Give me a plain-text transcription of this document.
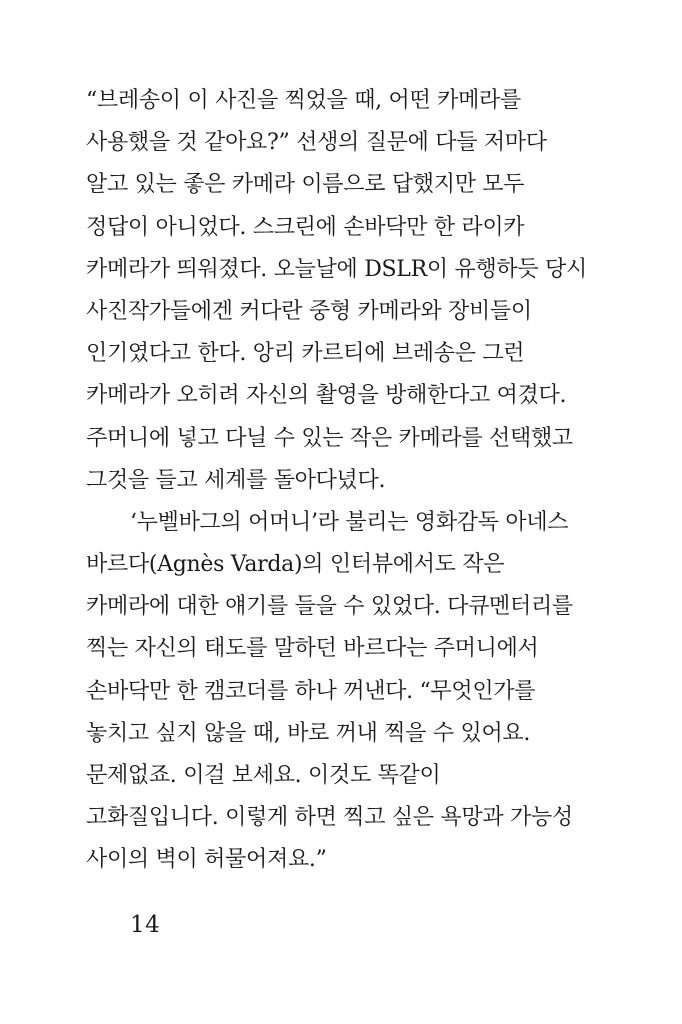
“브레송이 이 사진을 찍었을 때, 어떤 카메라를
사용했을 것 같아요?” 선생의 질문에 다들 저마다
알고 있는 좋은 카메라 이름으로 답했지만 모두
정답이 아니었다. 스크린에 손바닥만 한 라이카
카메라가 띄워졌다. 오늘날에 DSLR이 유행하듯 당시
사진작가들에겐 커다란 중형 카메라와 장비들이
인기였다고 한다. 앙리 카르티에 브레송은 그런
카메라가 오히려 자신의 촬영을 방해한다고 여겼다.
주머니에 넣고 다닐 수 있는 작은 카메라를 선택했고
그것을 들고 세계를 돌아다녔다.
‘누벨바그의 어머니’라 불리는 영화감독 아네스
바르다(Agnès Varda)의 인터뷰에서도 작은
카메라에 대한 얘기를 들을 수 있었다. 다큐멘터리를
찍는 자신의 태도를 말하던 바르다는 주머니에서
손바닥만 한 캠코더를 하나 꺼낸다. “무엇인가를
놓치고 싶지 않을 때, 바로 꺼내 찍을 수 있어요.
문제없죠. 이걸 보세요. 이것도 똑같이
고화질입니다. 이렇게 하면 찍고 싶은 욕망과 가능성
사이의 벽이 허물어져요.”
14
